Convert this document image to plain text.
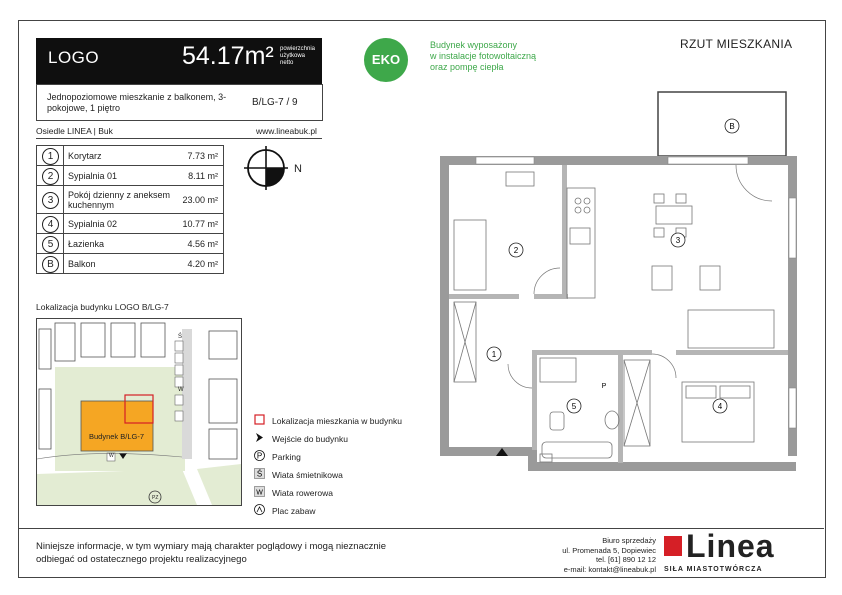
LOGO	54.17m² powierzchnia użytkowa netto
Jednopoziomowe mieszkanie z balkonem, 3-pokojowe, 1 piętro	B/LG-7 / 9
Osiedle LINEA | Buk	www.lineabuk.pl
1	Korytarz	7.73 m²
2	Sypialnia 01	8.11 m²
3	Pokój dzienny z aneksem kuchennym	23.00 m²
4	Sypialnia 02	10.77 m²
5	Łazienka	4.56 m²
B	Balkon	4.20 m²
N
Lokalizacja budynku LOGO B/LG-7
Budynek B/LG-7
Ś
W
W
PZ
Lokalizacja mieszkania w budynku
Wejście do budynku
P Parking
Ś Wiata śmietnikowa
W Wiata rowerowa
Plac zabaw
EKO
Budynek wyposażony
w instalacje fotowoltaiczną
oraz pompę ciepła
RZUT MIESZKANIA
B
2
3
1
5	4
P
Niniejsze informacje, w tym wymiary mają charakter poglądowy i mogą nieznacznie
odbiegać od ostatecznego projektu realizacyjnego
Biuro sprzedaży
ul. Promenada 5, Dopiewiec
tel. [61] 890 12 12
e-mail: kontakt@lineabuk.pl
Linea
SIŁA MIASTOTWÓRCZA
